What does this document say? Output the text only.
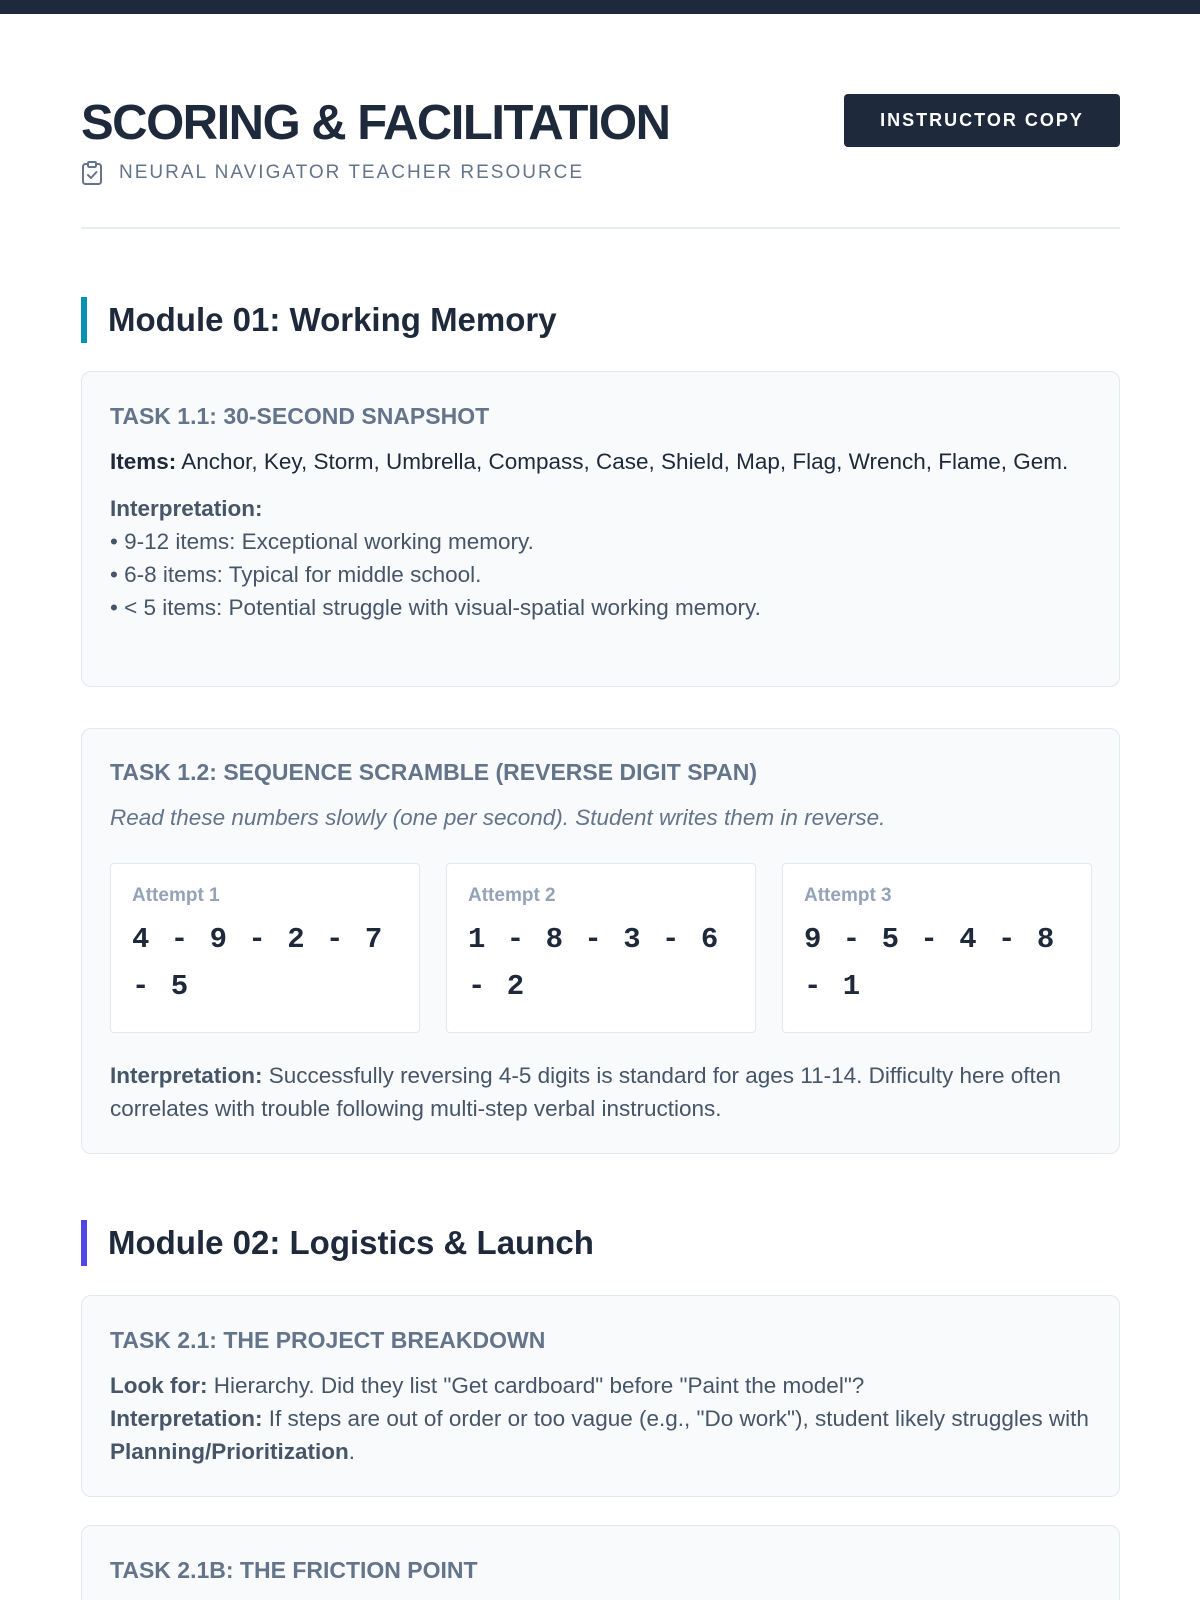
SCORING & FACILITATION
NEURAL NAVIGATOR TEACHER RESOURCE
INSTRUCTOR COPY
Module 01: Working Memory
TASK 1.1: 30-SECOND SNAPSHOT
Items: Anchor, Key, Storm, Umbrella, Compass, Case, Shield, Map, Flag, Wrench, Flame, Gem.
Interpretation:
• 9-12 items: Exceptional working memory.
• 6-8 items: Typical for middle school.
• < 5 items: Potential struggle with visual-spatial working memory.
TASK 1.2: SEQUENCE SCRAMBLE (REVERSE DIGIT SPAN)
Read these numbers slowly (one per second). Student writes them in reverse.
Attempt 1
4 - 9 - 2 - 7
- 5
Attempt 2
1 - 8 - 3 - 6
- 2
Attempt 3
9 - 5 - 4 - 8
- 1
Interpretation: Successfully reversing 4-5 digits is standard for ages 11-14. Difficulty here often correlates with trouble following multi-step verbal instructions.
Module 02: Logistics & Launch
TASK 2.1: THE PROJECT BREAKDOWN
Look for: Hierarchy. Did they list "Get cardboard" before "Paint the model"?
Interpretation: If steps are out of order or too vague (e.g., "Do work"), student likely struggles with Planning/Prioritization.
TASK 2.1B: THE FRICTION POINT
